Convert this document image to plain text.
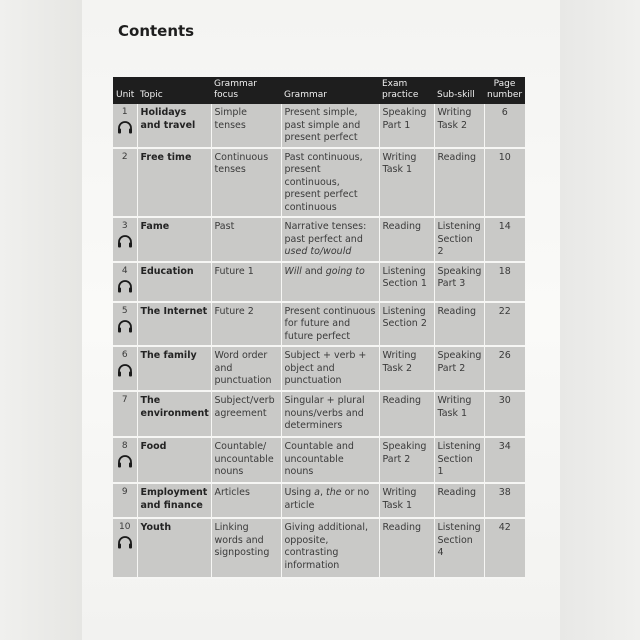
Contents
Unit	Topic	Grammar focus	Grammar	Exam practice	Sub-skill	Page number

1	Holidays and travel	Simple tenses	Present simple, past simple and present perfect	Speaking Part 1	Writing Task 2	6

2	Free time	Continuous tenses	Past continuous, present continuous, present perfect continuous	Writing Task 1	Reading	10

3	Fame	Past	Narrative tenses: past perfect and used to/would	Reading	Listening Section 2	14

4	Education	Future 1	Will and going to	Listening Section 1	Speaking Part 3	18

5	The Internet	Future 2	Present continuous for future and future perfect	Listening Section 2	Reading	22

6	The family	Word order and punctuation	Subject + verb + object and punctuation	Writing Task 2	Speaking Part 2	26

7	The environment	Subject/verb agreement	Singular + plural nouns/verbs and determiners	Reading	Writing Task 1	30

8	Food	Countable/ uncountable nouns	Countable and uncountable nouns	Speaking Part 2	Listening Section 1	34

9	Employment and finance	Articles	Using a, the or no article	Writing Task 1	Reading	38

10	Youth	Linking words and signposting	Giving additional, opposite, contrasting information	Reading	Listening Section 4	42
